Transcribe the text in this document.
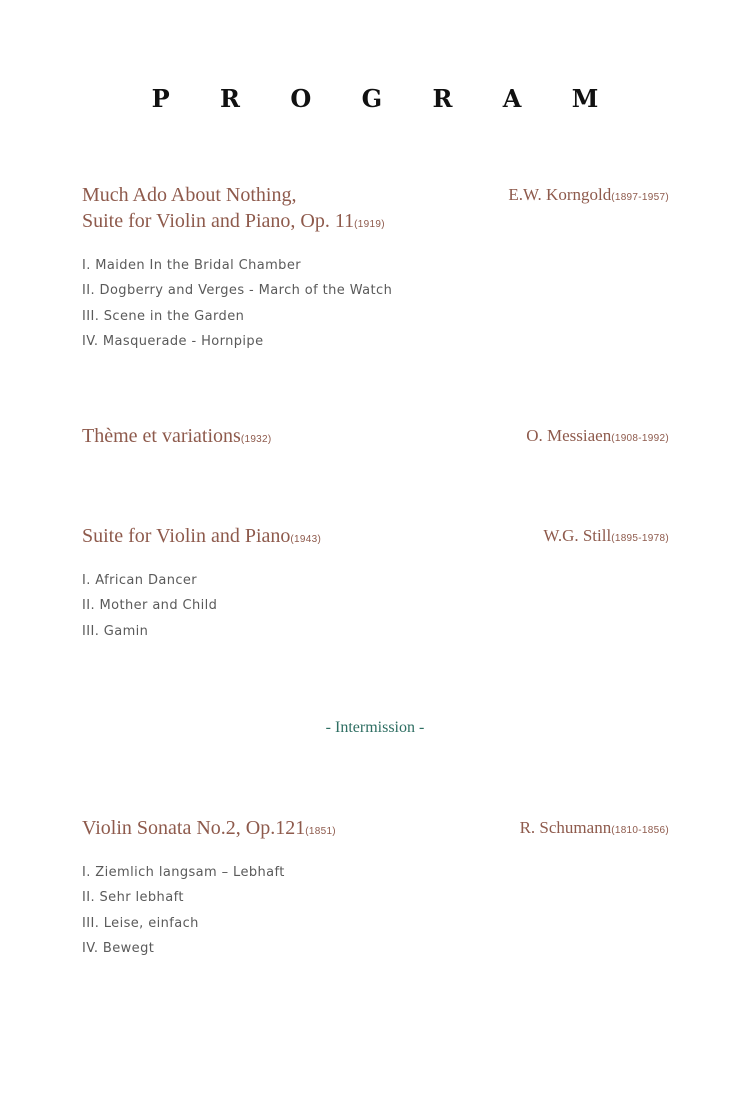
P R O G R A M
Much Ado About Nothing,
Suite for Violin and Piano, Op. 11(1919)
E.W. Korngold(1897-1957)
I. Maiden In the Bridal Chamber
II. Dogberry and Verges - March of the Watch
III. Scene in the Garden
IV. Masquerade - Hornpipe
Thème et variations(1932)	O. Messiaen(1908-1992)
Suite for Violin and Piano(1943)	W.G. Still(1895-1978)
I. African Dancer
II. Mother and Child
III. Gamin
- Intermission -
Violin Sonata No.2, Op.121(1851)	R. Schumann(1810-1856)
I. Ziemlich langsam – Lebhaft
II. Sehr lebhaft
III. Leise, einfach
IV. Bewegt
